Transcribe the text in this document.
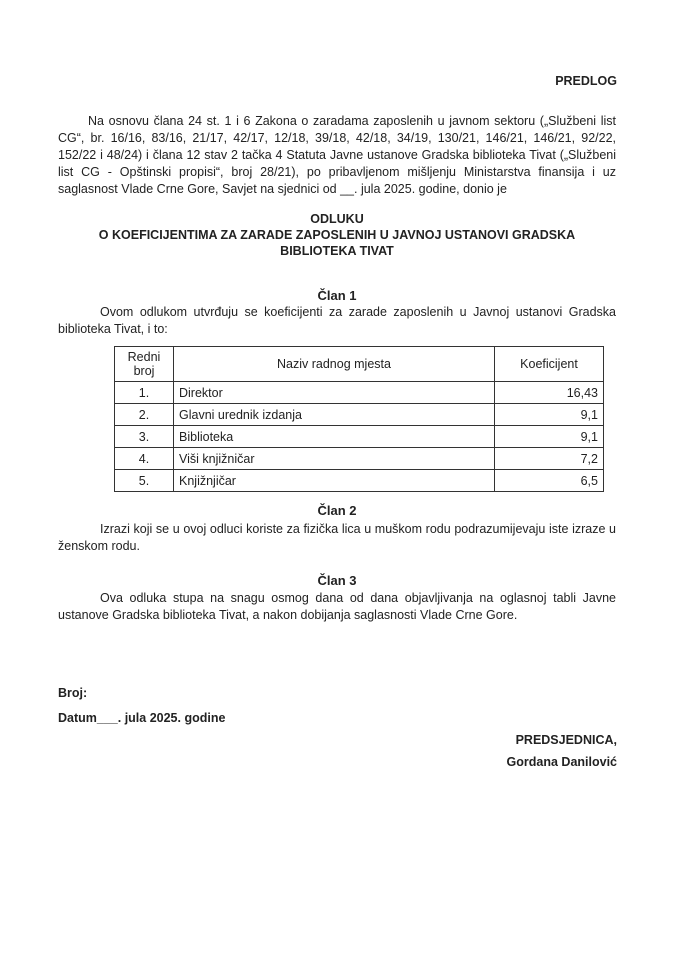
PREDLOG
Na osnovu člana 24 st. 1 i 6 Zakona o zaradama zaposlenih u javnom sektoru („Službeni list CG“, br. 16/16, 83/16, 21/17, 42/17, 12/18, 39/18, 42/18, 34/19, 130/21, 146/21, 146/21, 92/22, 152/22 i 48/24) i člana 12 stav 2 tačka 4 Statuta Javne ustanove Gradska biblioteka Tivat („Službeni list CG - Opštinski propisi“, broj 28/21), po pribavljenom mišljenju Ministarstva finansija i uz saglasnost Vlade Crne Gore, Savjet na sjednici od __. jula 2025. godine, donio je
ODLUKU
O KOEFICIJENTIMA ZA ZARADE ZAPOSLENIH U JAVNOJ USTANOVI GRADSKA
BIBLIOTEKA TIVAT
Član 1
Ovom odlukom utvrđuju se koeficijenti za zarade zaposlenih u Javnoj ustanovi Gradska biblioteka Tivat, i to:
Redni broj	Naziv radnog mjesta	Koeficijent
1.	Direktor	16,43
2.	Glavni urednik izdanja	9,1
3.	Biblioteka	9,1
4.	Viši knjižničar	7,2
5.	Knjižnjičar	6,5
Član 2
Izrazi koji se u ovoj odluci koriste za fizička lica u muškom rodu podrazumijevaju iste izraze u ženskom rodu.
Član 3
Ova odluka stupa na snagu osmog dana od dana objavljivanja na oglasnoj tabli Javne ustanove Gradska biblioteka Tivat, a nakon dobijanja saglasnosti Vlade Crne Gore.
Broj:
Datum___. jula 2025. godine
PREDSJEDNICA,
Gordana Danilović
